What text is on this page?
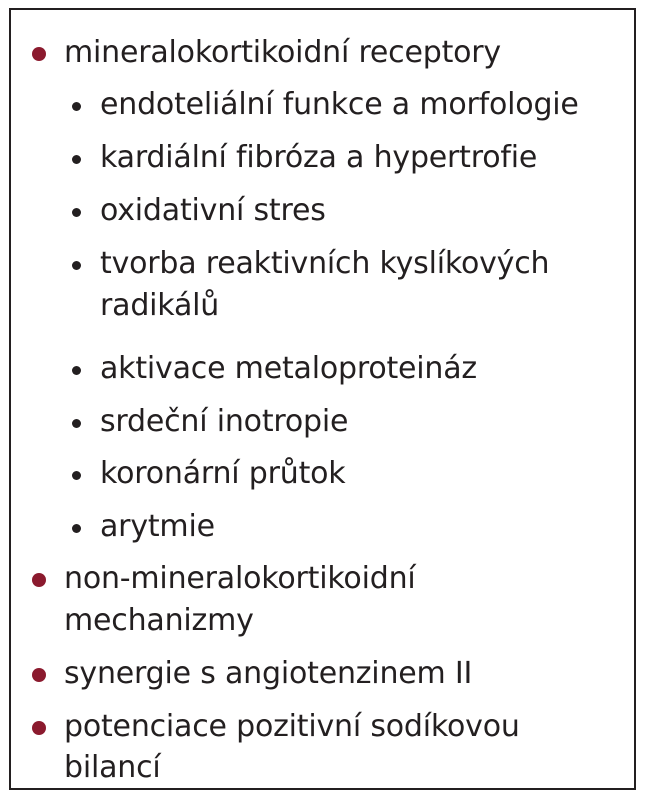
mineralokortikoidní receptory
endoteliální funkce a morfologie
kardiální fibróza a hypertrofie
oxidativní stres
tvorba reaktivních kyslíkových
radikálů
aktivace metaloproteináz
srdeční inotropie
koronární průtok
arytmie
non-mineralokortikoidní
mechanizmy
synergie s angiotenzinem II
potenciace pozitivní sodíkovou
bilancí
